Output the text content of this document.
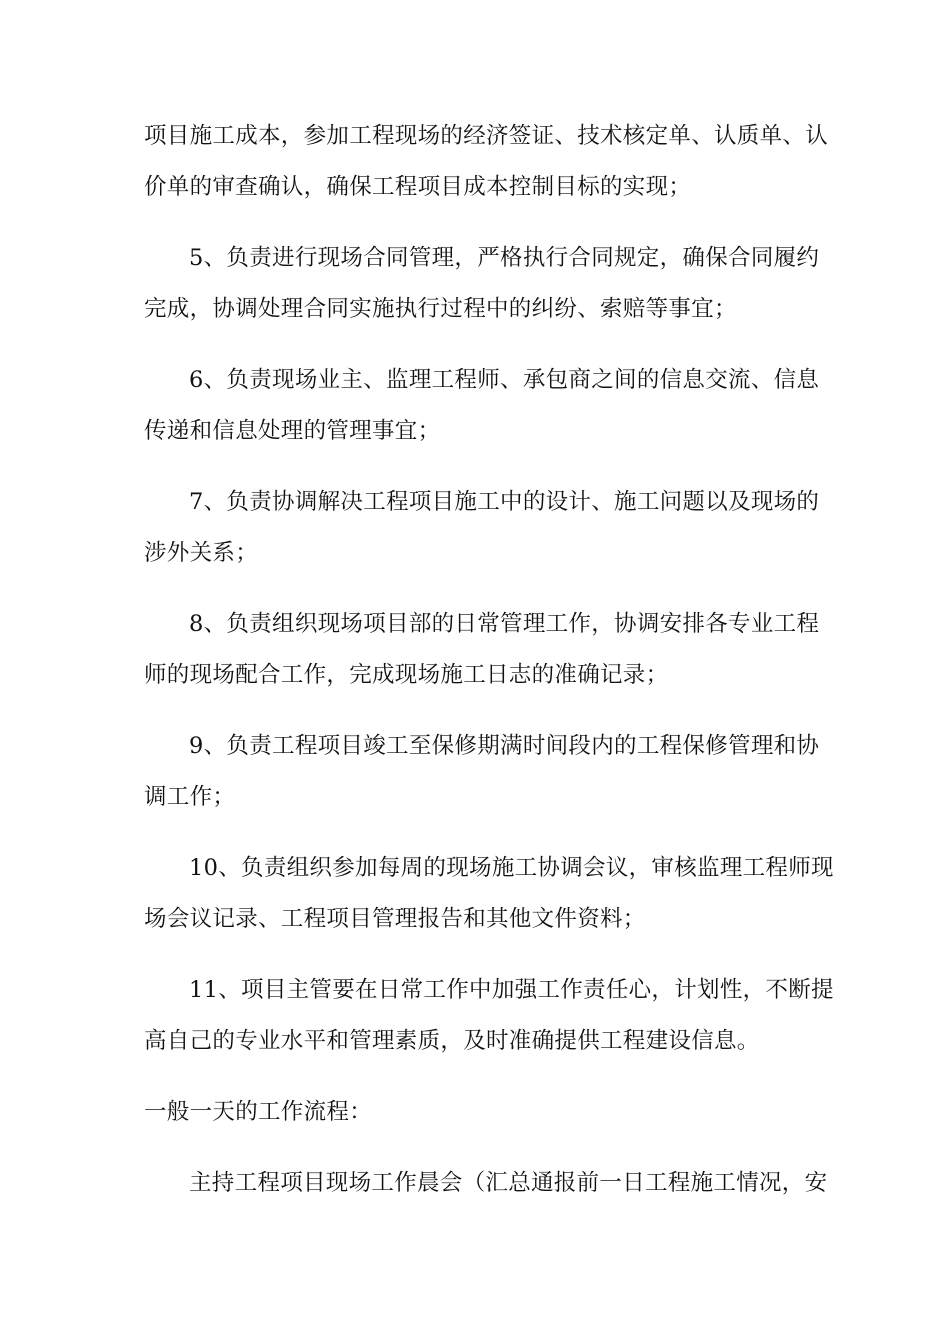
项目施工成本，参加工程现场的经济签证、技术核定单、认质单、认

价单的审查确认，确保工程项目成本控制目标的实现；

5、负责进行现场合同管理，严格执行合同规定，确保合同履约

完成，协调处理合同实施执行过程中的纠纷、索赔等事宜；

6、负责现场业主、监理工程师、承包商之间的信息交流、信息

传递和信息处理的管理事宜；

7、负责协调解决工程项目施工中的设计、施工问题以及现场的

涉外关系；

8、负责组织现场项目部的日常管理工作，协调安排各专业工程

师的现场配合工作，完成现场施工日志的准确记录；

9、负责工程项目竣工至保修期满时间段内的工程保修管理和协

调工作；

10、负责组织参加每周的现场施工协调会议，审核监理工程师现

场会议记录、工程项目管理报告和其他文件资料；

11、项目主管要在日常工作中加强工作责任心，计划性，不断提

高自己的专业水平和管理素质，及时准确提供工程建设信息。

一般一天的工作流程：

主持工程项目现场工作晨会（汇总通报前一日工程施工情况，安
